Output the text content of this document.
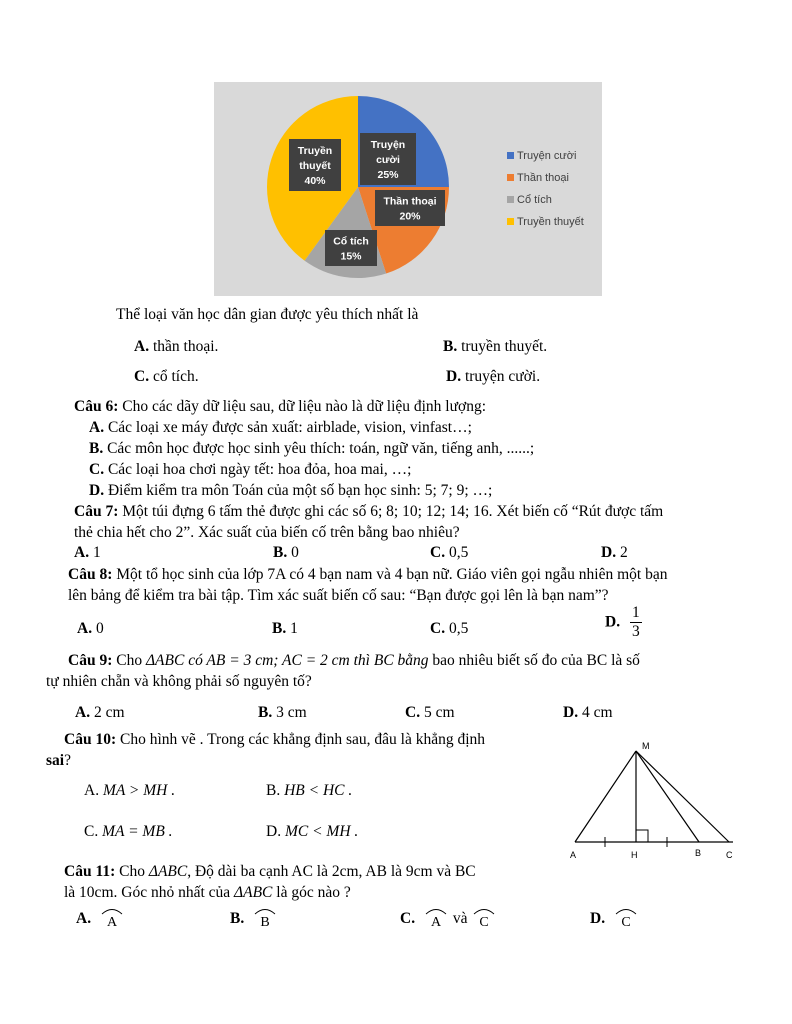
Truyện
cười
25%
Thần thoại
20%
Cổ tích
15%
Truyền
thuyết
40%
Truyện cười
Thần thoại
Cổ tích
Truyền thuyết
Thể loại văn học dân gian được yêu thích nhất là
A. thần thoại.	B. truyền thuyết.
C. cổ tích.	D. truyện cười.
Câu 6: Cho các dãy dữ liệu sau, dữ liệu nào là dữ liệu định lượng:
A. Các loại xe máy được sản xuất: airblade, vision, vinfast…;
B. Các môn học được học sinh yêu thích: toán, ngữ văn, tiếng anh, ......;
C. Các loại hoa chơi ngày tết: hoa đỏa, hoa mai, …;
D. Điểm kiểm tra môn Toán của một số bạn học sinh: 5; 7; 9; …;
Câu 7: Một túi đựng 6 tấm thẻ được ghi các số 6; 8; 10; 12; 14; 16. Xét biến cố “Rút được tấm
thẻ chia hết cho 2”. Xác suất của biến cố trên bằng bao nhiêu?
A. 1	B. 0	C. 0,5	D. 2
Câu 8: Một tổ học sinh của lớp 7A có 4 bạn nam và 4 bạn nữ. Giáo viên gọi ngẫu nhiên một bạn
lên bảng để kiểm tra bài tập. Tìm xác suất biến cố sau: “Bạn được gọi lên là bạn nam”?
A. 0	B. 1	C. 0,5	D. $\frac{1}{3}$
Câu 9: Cho ΔABC có AB = 3 cm; AC = 2 cm thì BC bằng bao nhiêu biết số đo của BC là số
tự nhiên chẵn và không phải số nguyên tố?
A. 2 cm	B. 3 cm	C. 5 cm	D. 4 cm
Câu 10: Cho hình vẽ . Trong các khẳng định sau, đâu là khẳng định
sai?
A. MA > MH .	B. HB < HC .
C. MA = MB .	D. MC < MH .
M
A	H	B	C
Câu 11: Cho ΔABC, Độ dài ba cạnh AC là 2cm, AB là 9cm và BC
là 10cm. Góc nhỏ nhất của ΔABC là góc nào ?
A. A	B. B	C. A và C	D. C
